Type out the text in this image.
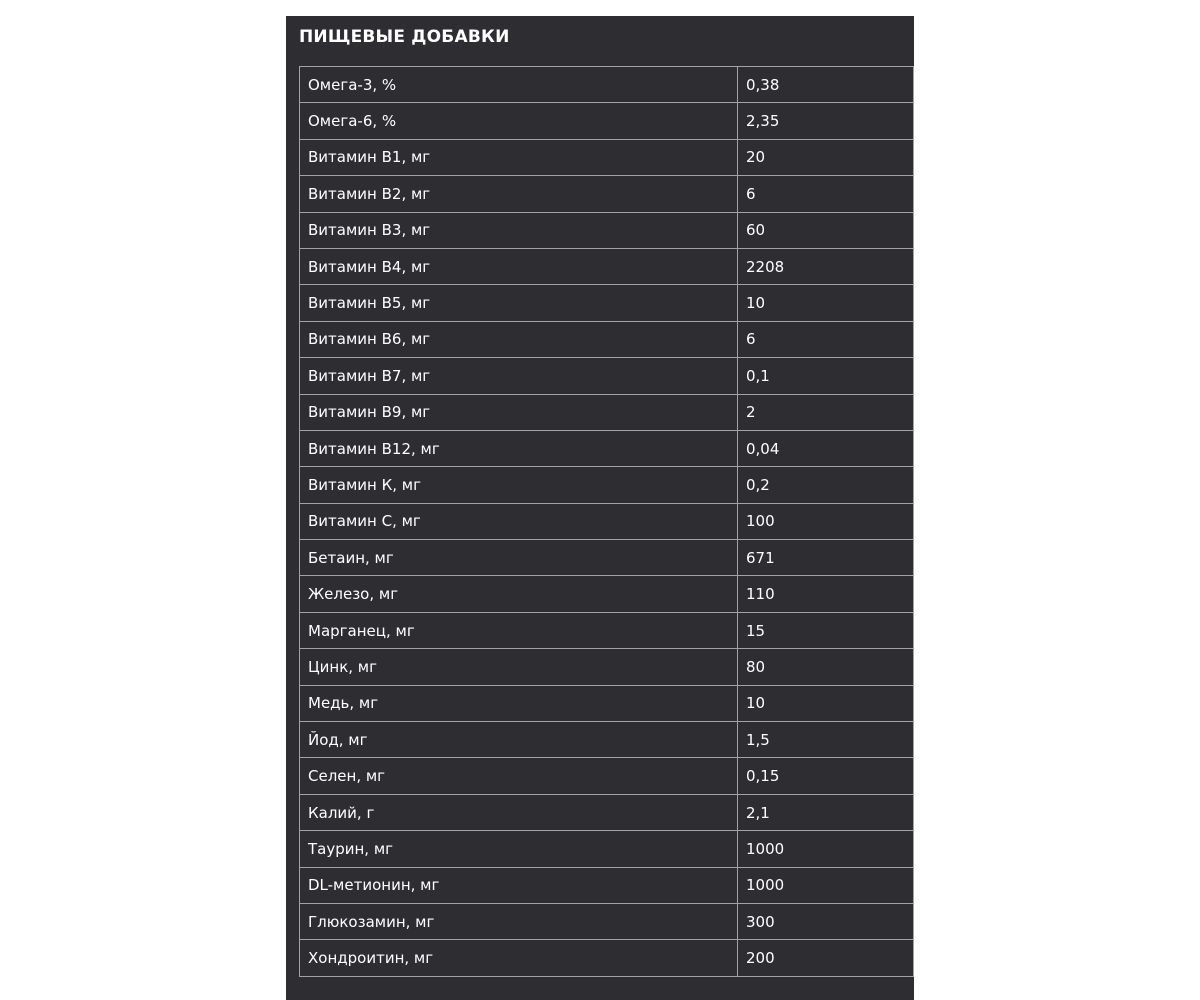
ПИЩЕВЫЕ ДОБАВКИ
Омега-3, %	0,38
Омега-6, %	2,35
Витамин В1, мг	20
Витамин В2, мг	6
Витамин В3, мг	60
Витамин В4, мг	2208
Витамин В5, мг	10
Витамин В6, мг	6
Витамин В7, мг	0,1
Витамин В9, мг	2
Витамин В12, мг	0,04
Витамин К, мг	0,2
Витамин С, мг	100
Бетаин, мг	671
Железо, мг	110
Марганец, мг	15
Цинк, мг	80
Медь, мг	10
Йод, мг	1,5
Селен, мг	0,15
Калий, г	2,1
Таурин, мг	1000
DL-метионин, мг	1000
Глюкозамин, мг	300
Хондроитин, мг	200
